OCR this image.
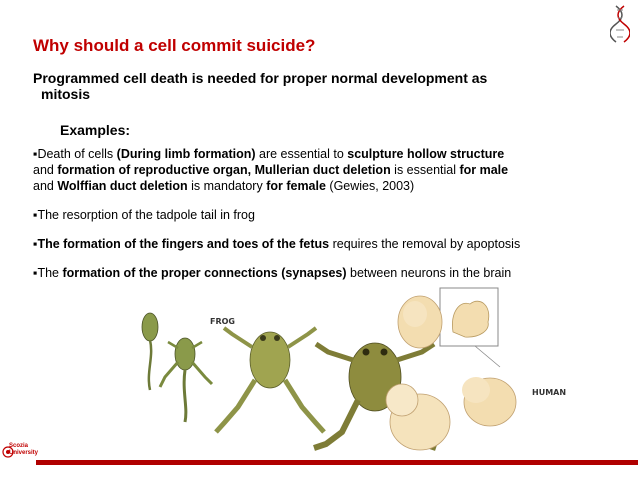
Why should a cell commit suicide?
Programmed cell death is needed for proper normal development as
mitosis
Examples:

▪Death of cells (During limb formation) are essential to sculpture hollow structure
and formation of reproductive organ, Mullerian duct deletion is essential for male
and Wolffian duct deletion is mandatory for female (Gewies, 2003)

▪The resorption of the tadpole tail in frog

▪The formation of the fingers and toes of the fetus requires the removal by apoptosis

▪The formation of the proper connections (synapses) between neurons in the brain

FROG
HUMAN
Scozia
University
